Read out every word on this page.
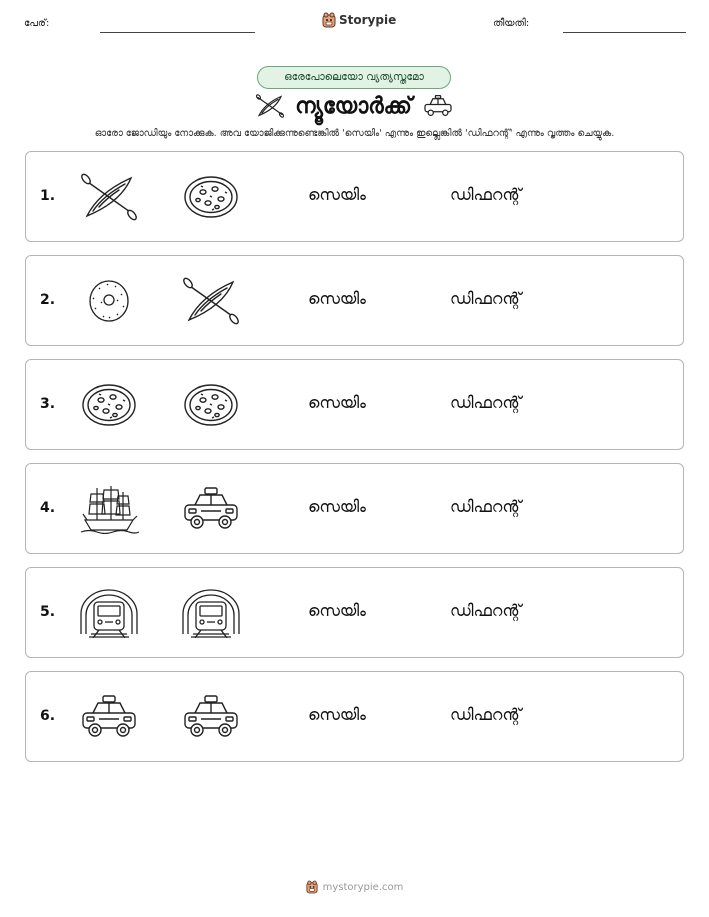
പേര്:	Storypie	തീയതി:
ഒരേപോലെയോ വ്യത്യസ്തമോ
ന്യൂയോർക്ക്
ഓരോ ജോഡിയും നോക്കുക. അവ യോജിക്കുന്നുണ്ടെങ്കിൽ 'സെയിം' എന്നും ഇല്ലെങ്കിൽ 'ഡിഫറന്റ്' എന്നും വൃത്തം ചെയ്യുക.
1.	സെയിം	ഡിഫറന്റ്
2.	സെയിം	ഡിഫറന്റ്
3.	സെയിം	ഡിഫറന്റ്
4.	സെയിം	ഡിഫറന്റ്
5.	സെയിം	ഡിഫറന്റ്
6.	സെയിം	ഡിഫറന്റ്
mystorypie.com
